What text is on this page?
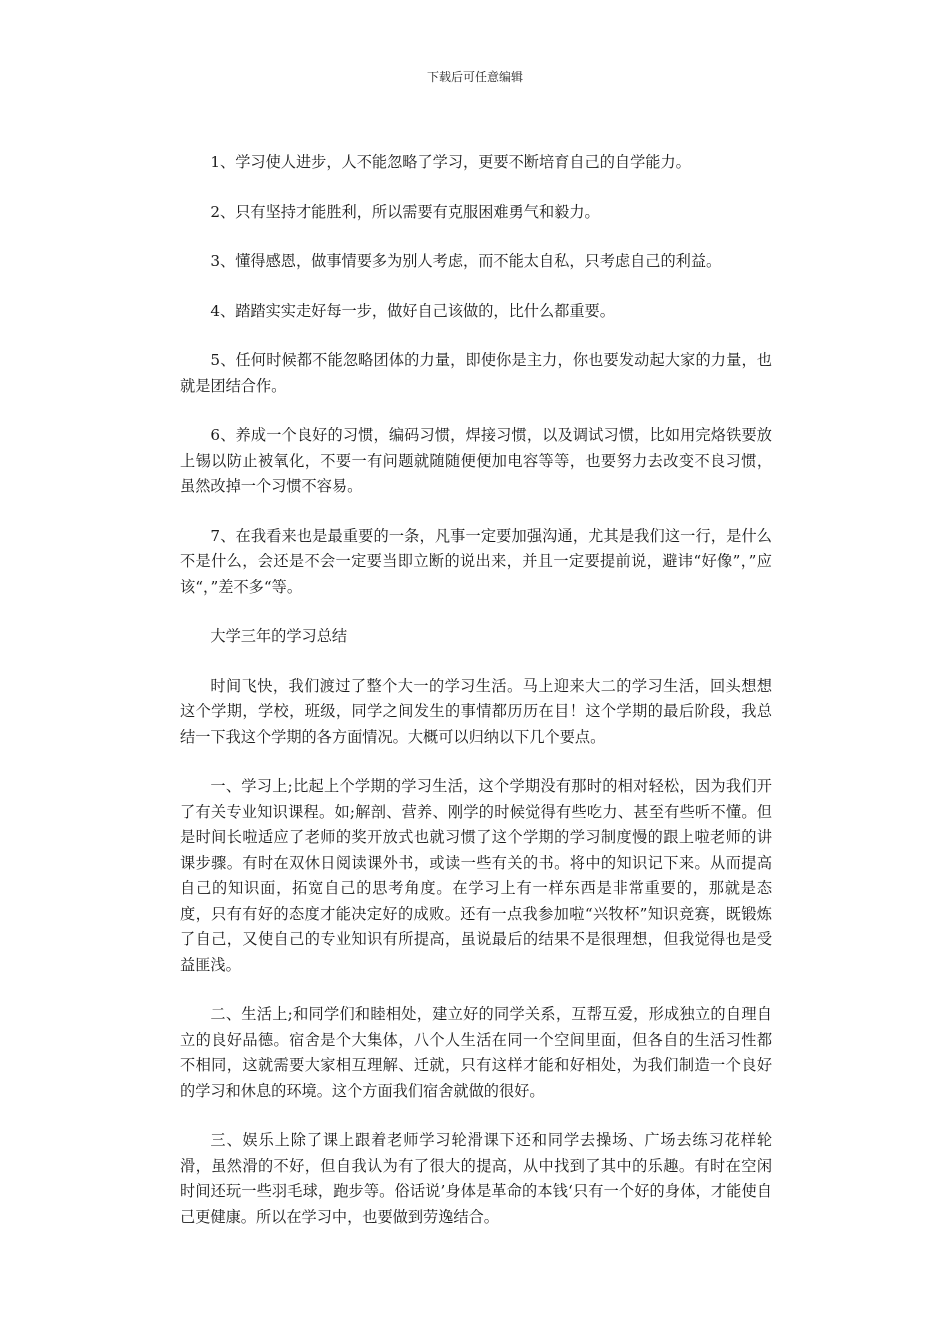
下载后可任意编辑

1、学习使人进步，人不能忽略了学习，更要不断培育自己的自学能力。

2、只有坚持才能胜利，所以需要有克服困难勇气和毅力。

3、懂得感恩，做事情要多为别人考虑，而不能太自私，只考虑自己的利益。

4、踏踏实实走好每一步，做好自己该做的，比什么都重要。

5、任何时候都不能忽略团体的力量，即使你是主力，你也要发动起大家的力量，也就是团结合作。

6、养成一个良好的习惯，编码习惯，焊接习惯，以及调试习惯，比如用完烙铁要放上锡以防止被氧化，不要一有问题就随随便便加电容等等，也要努力去改变不良习惯，虽然改掉一个习惯不容易。

7、在我看来也是最重要的一条，凡事一定要加强沟通，尤其是我们这一行，是什么不是什么，会还是不会一定要当即立断的说出来，并且一定要提前说，避讳“好像”，”应该“，”差不多“等。

大学三年的学习总结

时间飞快，我们渡过了整个大一的学习生活。马上迎来大二的学习生活，回头想想这个学期，学校，班级，同学之间发生的事情都历历在目！这个学期的最后阶段，我总结一下我这个学期的各方面情况。大概可以归纳以下几个要点。

一、学习上;比起上个学期的学习生活，这个学期没有那时的相对轻松，因为我们开了有关专业知识课程。如;解剖、营养、刚学的时候觉得有些吃力、甚至有些听不懂。但是时间长啦适应了老师的奖开放式也就习惯了这个学期的学习制度慢的跟上啦老师的讲课步骤。有时在双休日阅读课外书，或读一些有关的书。将中的知识记下来。从而提高自己的知识面，拓宽自己的思考角度。在学习上有一样东西是非常重要的，那就是态度，只有有好的态度才能决定好的成败。还有一点我参加啦“兴牧杯”知识竞赛，既锻炼了自己，又使自己的专业知识有所提高，虽说最后的结果不是很理想，但我觉得也是受益匪浅。

二、生活上;和同学们和睦相处，建立好的同学关系，互帮互爱，形成独立的自理自立的良好品德。宿舍是个大集体，八个人生活在同一个空间里面，但各自的生活习性都不相同，这就需要大家相互理解、迁就，只有这样才能和好相处，为我们制造一个良好的学习和休息的环境。这个方面我们宿舍就做的很好。

三、娱乐上除了课上跟着老师学习轮滑课下还和同学去操场、广场去练习花样轮滑，虽然滑的不好，但自我认为有了很大的提高，从中找到了其中的乐趣。有时在空闲时间还玩一些羽毛球，跑步等。俗话说’身体是革命的本钱‘只有一个好的身体，才能使自己更健康。所以在学习中，也要做到劳逸结合。
